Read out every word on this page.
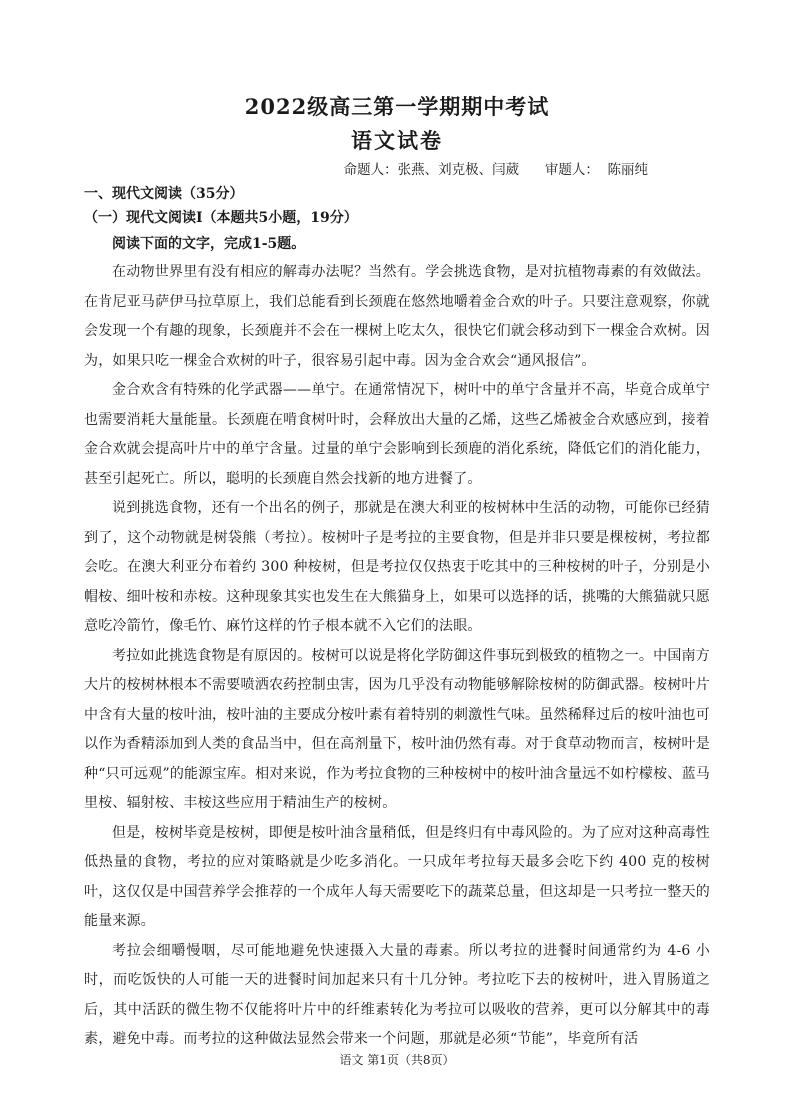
2022级高三第一学期期中考试
语文试卷
命题人：张燕、刘克极、闫葳      审题人：  陈丽纯
一、现代文阅读（35分）
（一）现代文阅读Ⅰ（本题共5小题，19分）
阅读下面的文字，完成1-5题。

在动物世界里有没有相应的解毒办法呢？当然有。学会挑选食物，是对抗植物毒素的有效做法。在肯尼亚马萨伊马拉草原上，我们总能看到长颈鹿在悠然地嚼着金合欢的叶子。只要注意观察，你就会发现一个有趣的现象，长颈鹿并不会在一棵树上吃太久，很快它们就会移动到下一棵金合欢树。因为，如果只吃一棵金合欢树的叶子，很容易引起中毒。因为金合欢会“通风报信”。

金合欢含有特殊的化学武器——单宁。在通常情况下，树叶中的单宁含量并不高，毕竟合成单宁也需要消耗大量能量。长颈鹿在啃食树叶时，会释放出大量的乙烯，这些乙烯被金合欢感应到，接着金合欢就会提高叶片中的单宁含量。过量的单宁会影响到长颈鹿的消化系统，降低它们的消化能力，甚至引起死亡。所以，聪明的长颈鹿自然会找新的地方进餐了。

说到挑选食物，还有一个出名的例子，那就是在澳大利亚的桉树林中生活的动物，可能你已经猜到了，这个动物就是树袋熊（考拉）。桉树叶子是考拉的主要食物，但是并非只要是棵桉树，考拉都会吃。在澳大利亚分布着约 300 种桉树，但是考拉仅仅热衷于吃其中的三种桉树的叶子，分别是小帽桉、细叶桉和赤桉。这种现象其实也发生在大熊猫身上，如果可以选择的话，挑嘴的大熊猫就只愿意吃冷箭竹，像毛竹、麻竹这样的竹子根本就不入它们的法眼。

考拉如此挑选食物是有原因的。桉树可以说是将化学防御这件事玩到极致的植物之一。中国南方大片的桉树林根本不需要喷洒农药控制虫害，因为几乎没有动物能够解除桉树的防御武器。桉树叶片中含有大量的桉叶油，桉叶油的主要成分桉叶素有着特别的刺激性气味。虽然稀释过后的桉叶油也可以作为香精添加到人类的食品当中，但在高剂量下，桉叶油仍然有毒。对于食草动物而言，桉树叶是种“只可远观”的能源宝库。相对来说，作为考拉食物的三种桉树中的桉叶油含量远不如柠檬桉、蓝马里桉、辐射桉、丰桉这些应用于精油生产的桉树。

但是，桉树毕竟是桉树，即便是桉叶油含量稍低，但是终归有中毒风险的。为了应对这种高毒性低热量的食物，考拉的应对策略就是少吃多消化。一只成年考拉每天最多会吃下约 400 克的桉树叶，这仅仅是中国营养学会推荐的一个成年人每天需要吃下的蔬菜总量，但这却是一只考拉一整天的能量来源。

考拉会细嚼慢咽，尽可能地避免快速摄入大量的毒素。所以考拉的进餐时间通常约为 4-6 小时，而吃饭快的人可能一天的进餐时间加起来只有十几分钟。考拉吃下去的桉树叶，进入胃肠道之后，其中活跃的微生物不仅能将叶片中的纤维素转化为考拉可以吸收的营养，更可以分解其中的毒素，避免中毒。而考拉的这种做法显然会带来一个问题，那就是必须“节能”，毕竟所有活

语文 第1页（共8页）
